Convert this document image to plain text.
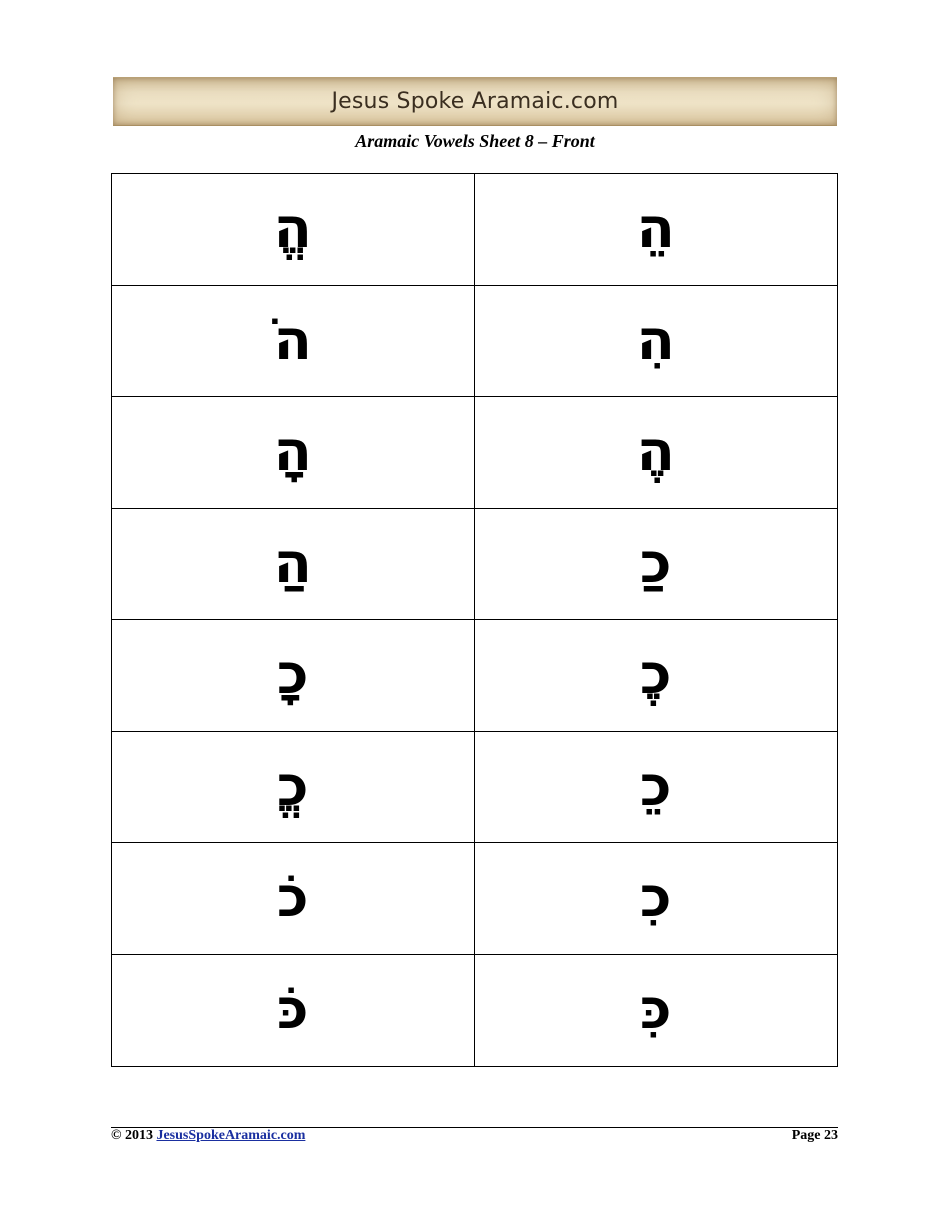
Jesus Spoke Aramaic.com
Aramaic Vowels Sheet 8 – Front
הֱ	הֵ
הֹ	הִ
הָ	הֶ
הַ	כַ
כָ	כֶ
כֱ	כֵ
כֹ	כִ
כֹּ	כִּ
© 2013 JesusSpokeAramaic.com	Page 23
